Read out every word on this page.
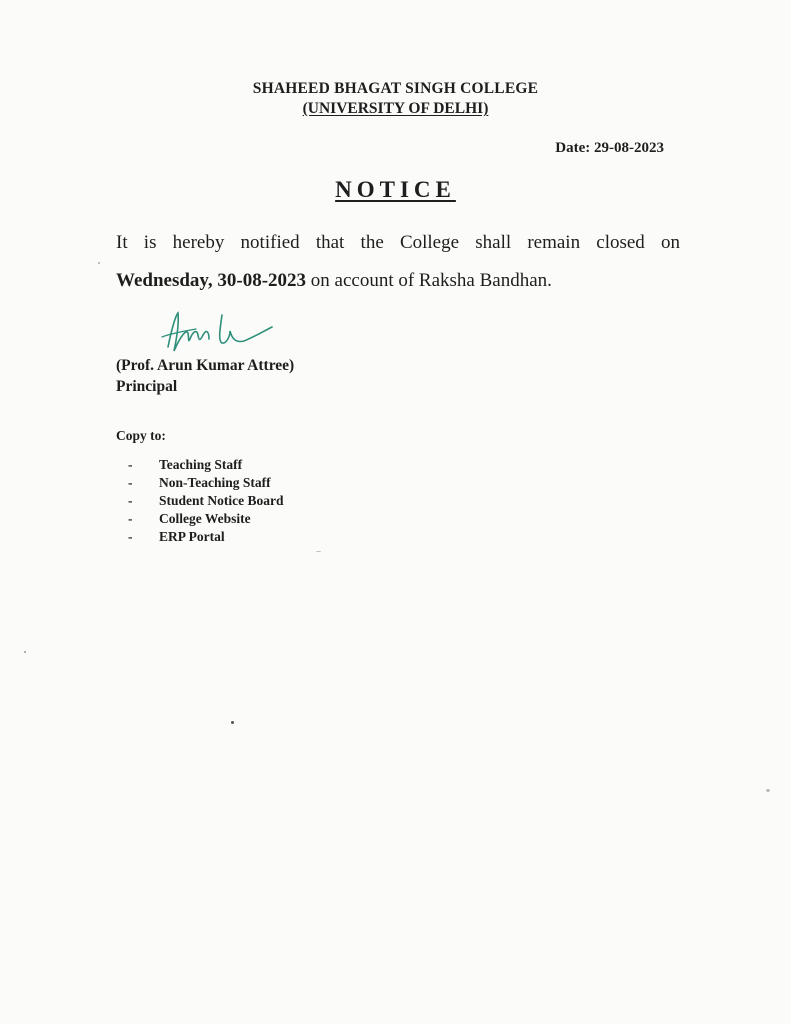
SHAHEED BHAGAT SINGH COLLEGE
(UNIVERSITY OF DELHI)
Date: 29-08-2023
NOTICE
It is hereby notified that the College shall remain closed on
Wednesday, 30-08-2023 on account of Raksha Bandhan.
(Prof. Arun Kumar Attree)
Principal
Copy to:
-	Teaching Staff
-	Non-Teaching Staff
-	Student Notice Board
-	College Website
-	ERP Portal
